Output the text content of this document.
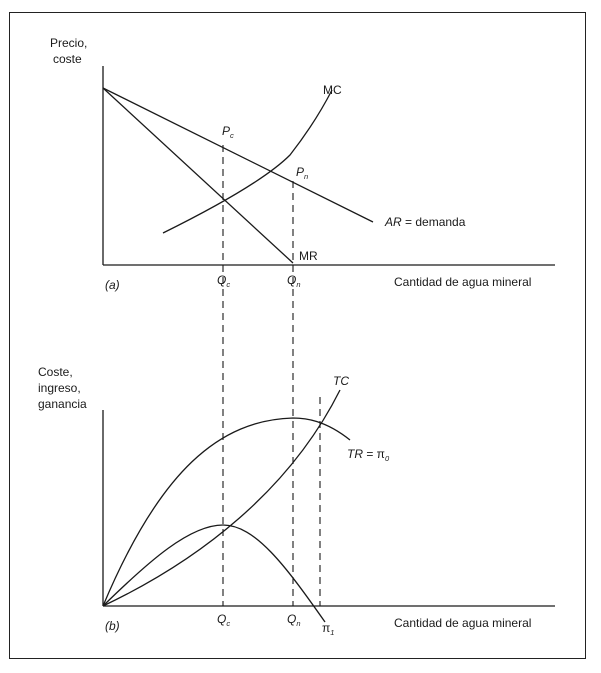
Precio,
coste
MC
MR
AR = demanda
$P_c$
$P_n$
$Q_c$	$Q_n$	Cantidad de agua mineral
(a)
Coste,
ingreso,
ganancia
TC
TR = $\pi_0$
$\pi_1$
$Q_c$	$Q_n$	Cantidad de agua mineral
(b)
